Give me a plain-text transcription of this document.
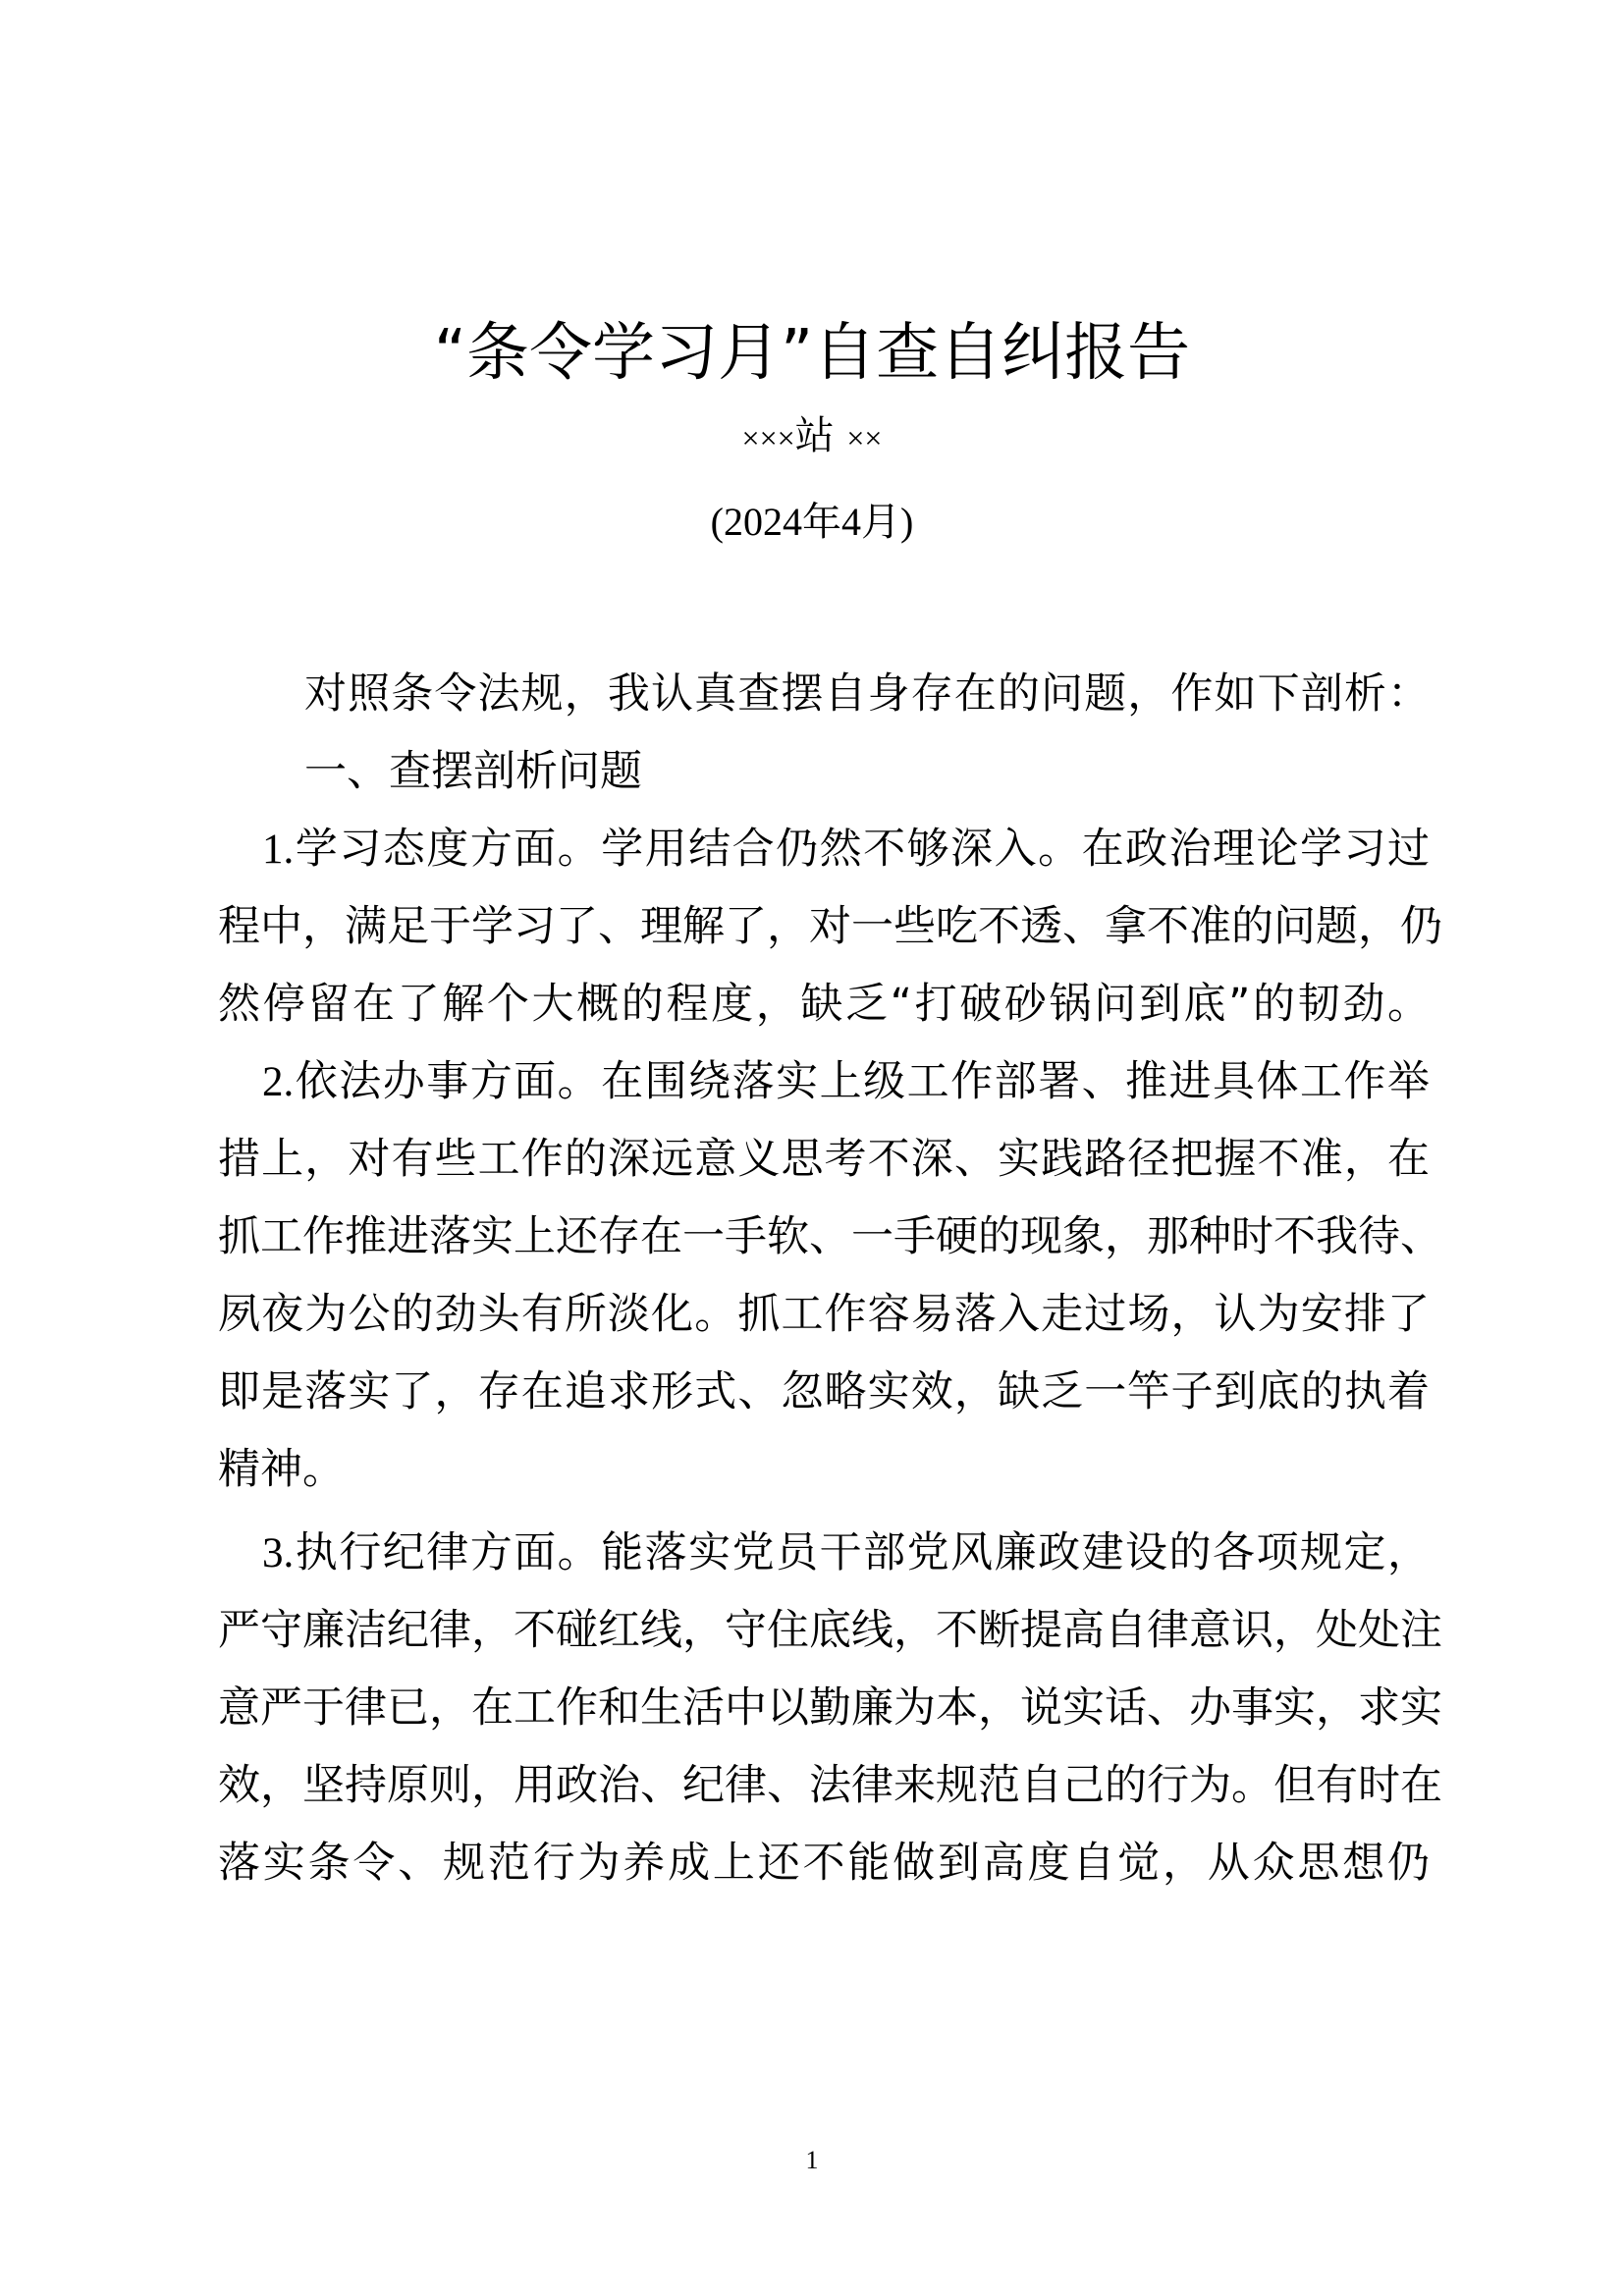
“条令学习月”自查自纠报告
×××站 ××
(2024年4月)
对照条令法规，我认真查摆自身存在的问题，作如下剖析：
一、查摆剖析问题
1.学习态度方面。学用结合仍然不够深入。在政治理论学习过
程中，满足于学习了、理解了，对一些吃不透、拿不准的问题，仍
然停留在了解个大概的程度，缺乏“打破砂锅问到底”的韧劲。
2.依法办事方面。在围绕落实上级工作部署、推进具体工作举
措上，对有些工作的深远意义思考不深、实践路径把握不准，在
抓工作推进落实上还存在一手软、一手硬的现象，那种时不我待、
夙夜为公的劲头有所淡化。抓工作容易落入走过场，认为安排了
即是落实了，存在追求形式、忽略实效，缺乏一竿子到底的执着
精神。
3.执行纪律方面。能落实党员干部党风廉政建设的各项规定，
严守廉洁纪律，不碰红线，守住底线，不断提高自律意识，处处注
意严于律已，在工作和生活中以勤廉为本，说实话、办事实，求实
效，坚持原则，用政治、纪律、法律来规范自己的行为。但有时在
落实条令、规范行为养成上还不能做到高度自觉，从众思想仍
1
